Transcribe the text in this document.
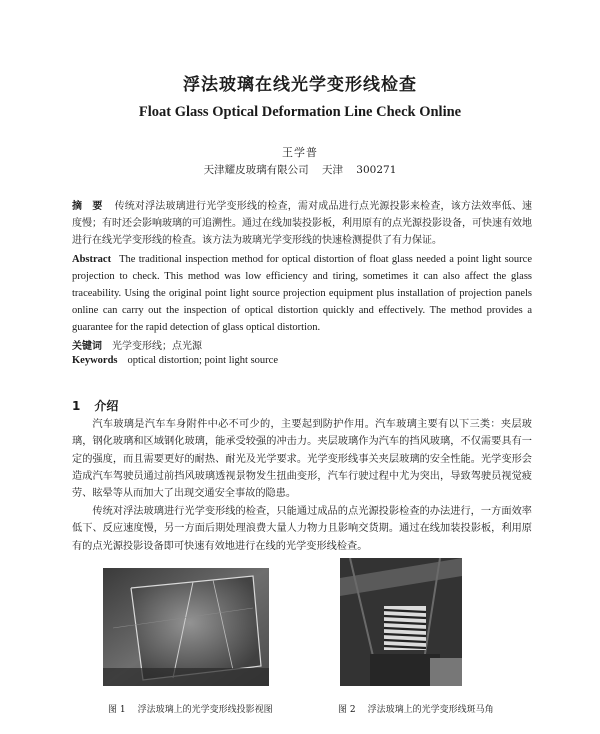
浮法玻璃在线光学变形线检查
Float Glass Optical Deformation Line Check Online
王学普
天津耀皮玻璃有限公司 天津 300271
摘　要 传统对浮法玻璃进行光学变形线的检查，需对成品进行点光源投影来检查，该方法效率低、速度慢；有时还会影响玻璃的可追溯性。通过在线加装投影板，利用原有的点光源投影设备，可快速有效地进行在线光学变形线的检查。该方法为玻璃光学变形线的快速检测提供了有力保证。
Abstract The traditional inspection method for optical distortion of float glass needed a point light source projection to check. This method was low efficiency and tiring, sometimes it can also affect the glass traceability. Using the original point light source projection equipment plus installation of projection panels online can carry out the inspection of optical distortion quickly and effectively. The method provides a guarantee for the rapid detection of glass optical distortion.
关键词 光学变形线；点光源
Keywords optical distortion; point light source
1 介绍

汽车玻璃是汽车车身附件中必不可少的，主要起到防护作用。汽车玻璃主要有以下三类：夹层玻璃，钢化玻璃和区域钢化玻璃，能承受较强的冲击力。夹层玻璃作为汽车的挡风玻璃，不仅需要具有一定的强度，而且需要更好的耐热、耐光及光学要求。光学变形线事关夹层玻璃的安全性能。光学变形会造成汽车驾驶员通过前挡风玻璃透视景物发生扭曲变形，汽车行驶过程中尤为突出，导致驾驶员视觉疲劳、眩晕等从而加大了出现交通安全事故的隐患。

传统对浮法玻璃进行光学变形线的检查，只能通过成品的点光源投影检查的办法进行，一方面效率低下、反应速度慢，另一方面后期处理浪费大量人力物力且影响交货期。通过在线加装投影板，利用原有的点光源投影设备即可快速有效地进行在线的光学变形线检查。

图 1 浮法玻璃上的光学变形线投影视图	图 2 浮法玻璃上的光学变形线斑马角
